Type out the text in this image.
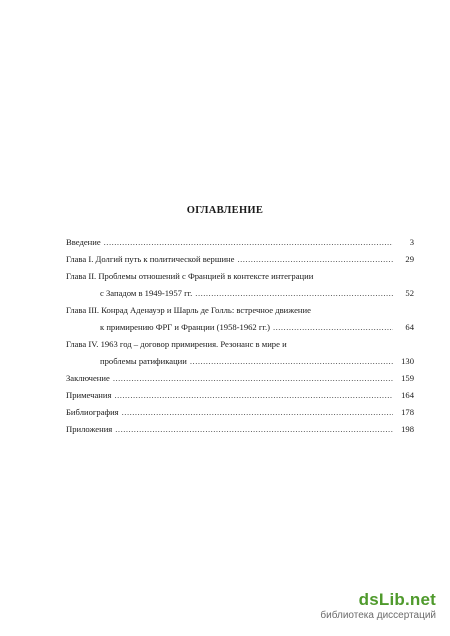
ОГЛАВЛЕНИЕ
Введение .....	3
Глава I. Долгий путь к политической вершине .....	29
Глава II. Проблемы отношений с Францией в контексте интеграции
с Западом в 1949-1957 гг. .....	52
Глава III. Конрад Аденауэр и Шарль де Голль: встречное движение
к примирению ФРГ и Франции (1958-1962 гг.) .....	64
Глава IV. 1963 год – договор примирения. Резонанс в мире и
проблемы ратификации .....	130
Заключение .....	159
Примечания .....	164
Библиография .....	178
Приложения .....	198
dsLib.net
библиотека диссертаций
